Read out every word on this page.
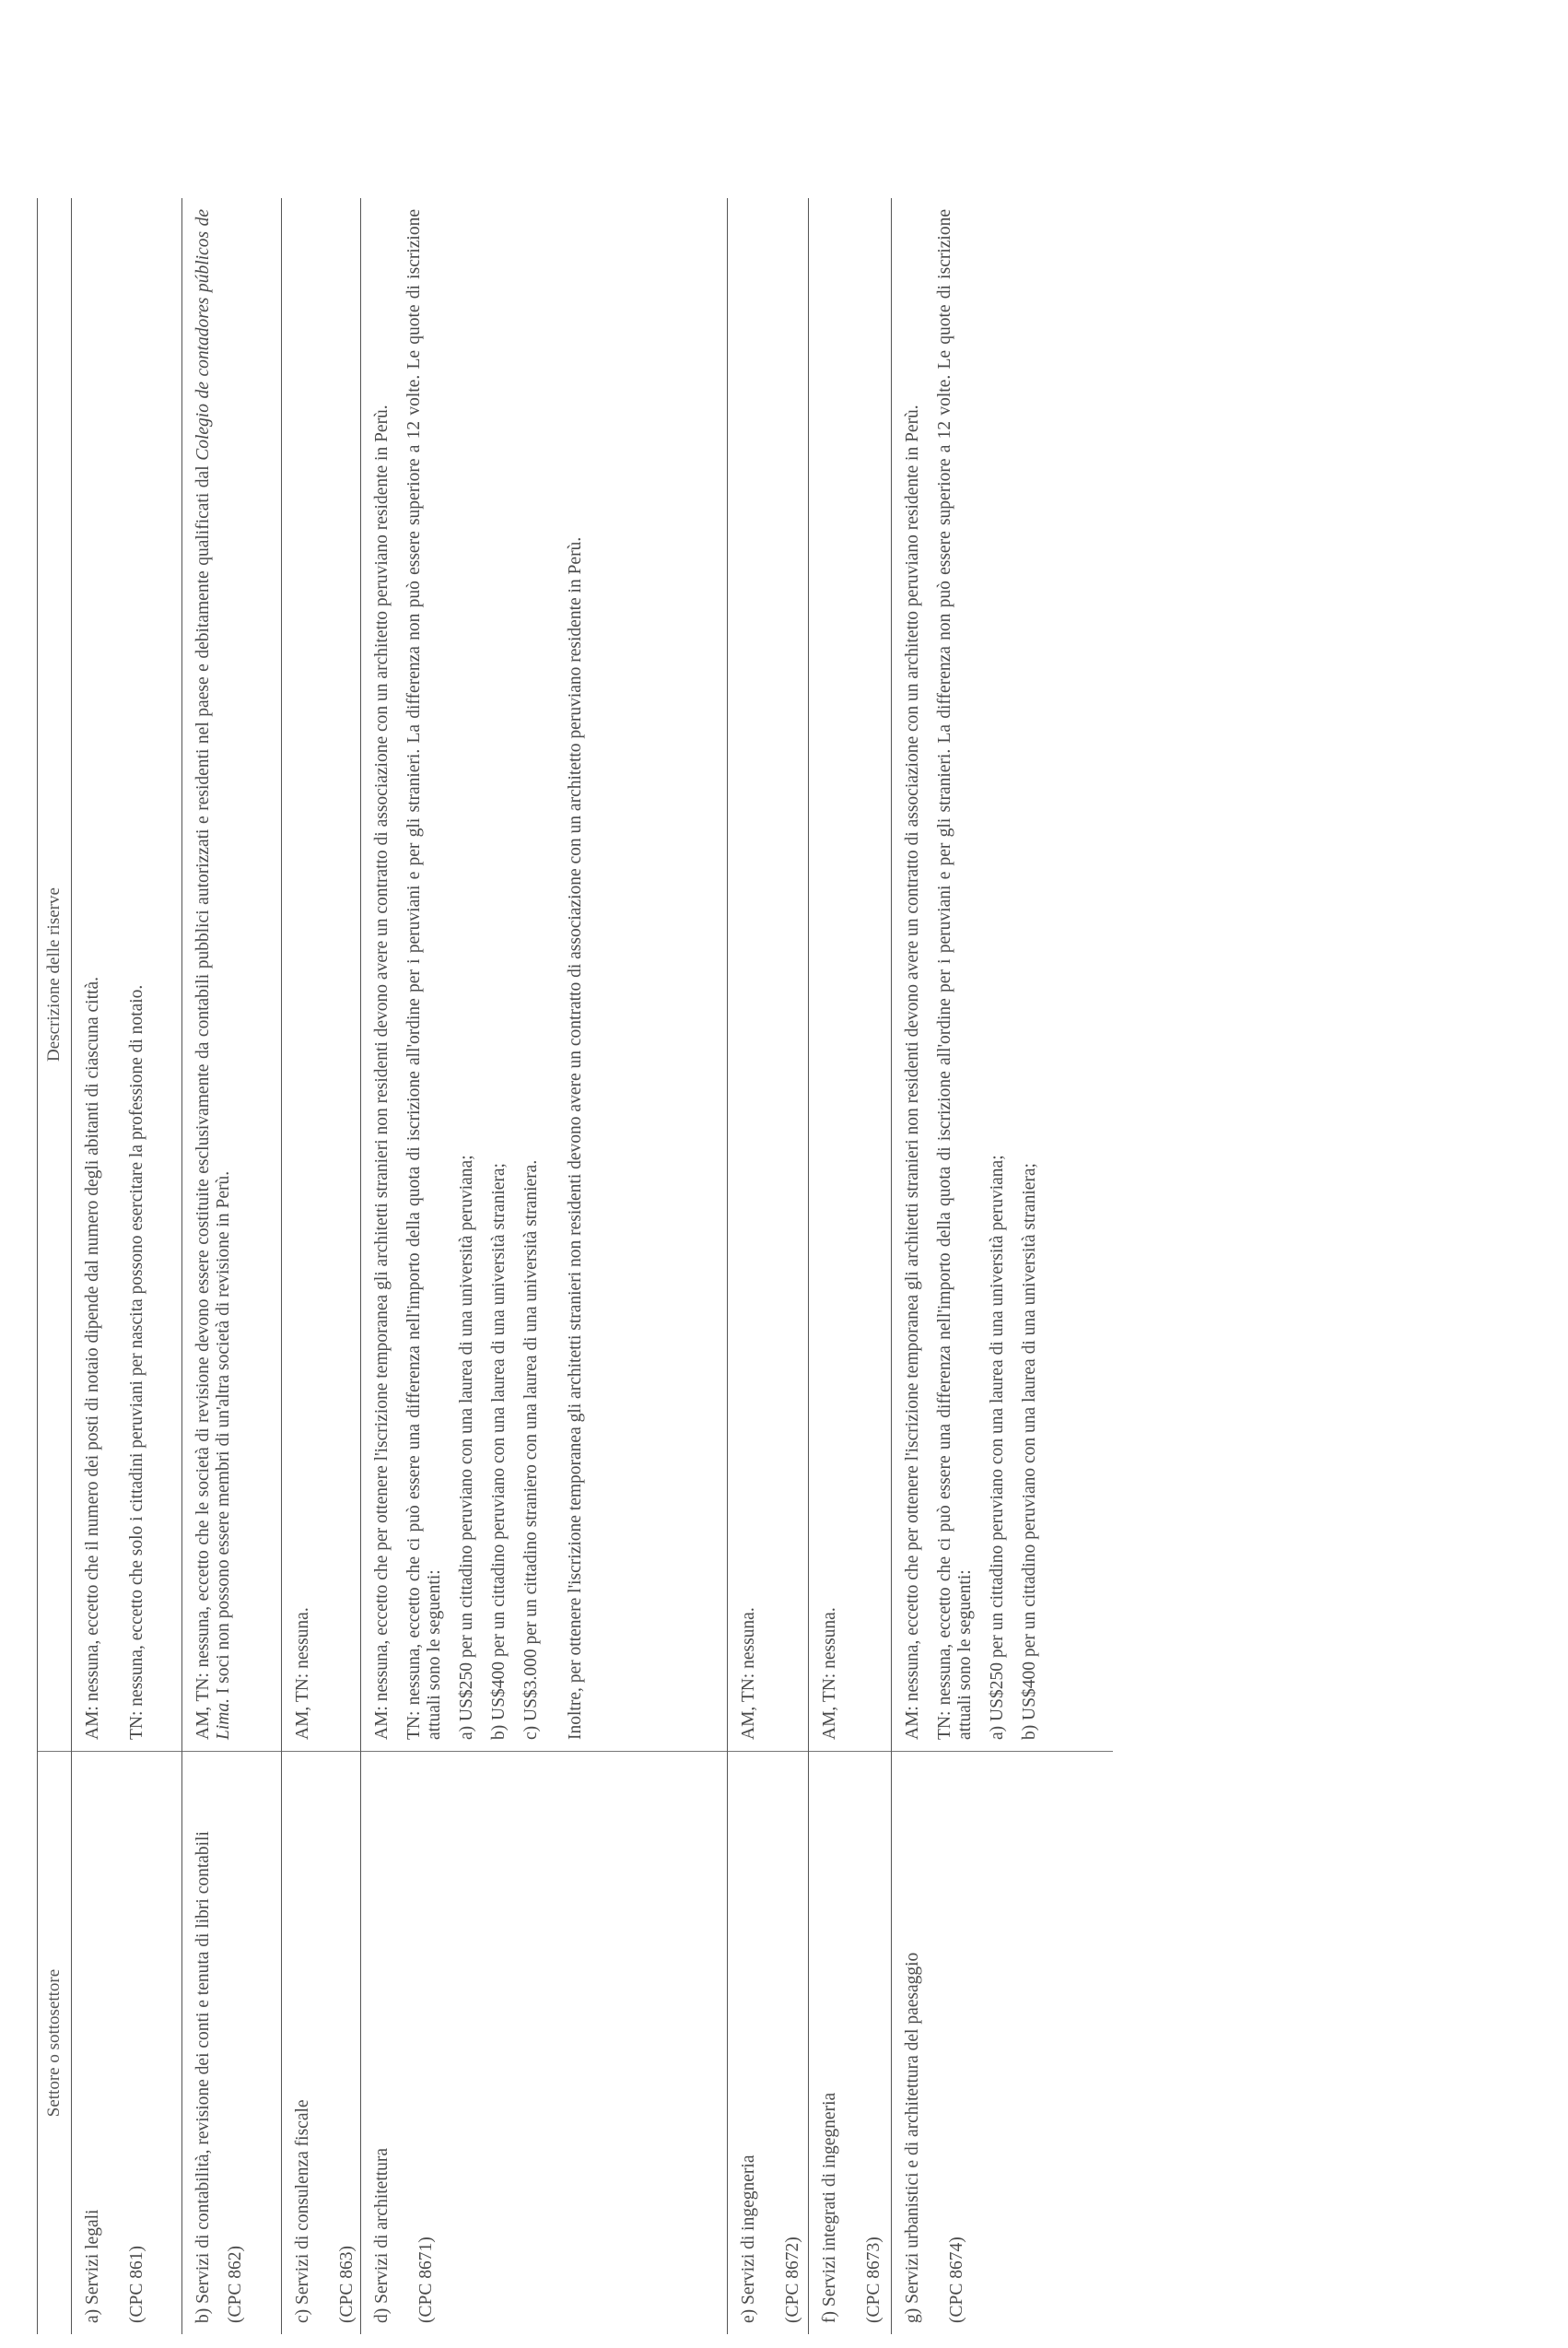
Settore o sottosettore
Descrizione delle riserve

a) Servizi legali (CPC 861)

AM: nessuna, eccetto che il numero dei posti di notaio dipende dal numero degli abitanti di ciascuna città. TN: nessuna, eccetto che solo i cittadini peruviani per nascita possono esercitare la professione di notaio.

b) Servizi di contabilità, revisione dei conti e tenuta di libri contabili (CPC 862)

AM, TN: nessuna, eccetto che le società di revisione devono essere costituite esclusivamente da contabili pubblici autorizzati e residenti nel paese e debitamente qualificati dal Colegio de contadores públicos de Lima. I soci non possono essere membri di un'altra società di revisione in Perù.

c) Servizi di consulenza fiscale (CPC 863)

AM, TN: nessuna.

d) Servizi di architettura (CPC 8671)

AM: nessuna, eccetto che per ottenere l'iscrizione temporanea gli architetti stranieri non residenti devono avere un contratto di associazione con un architetto peruviano residente in Perù. TN: nessuna, eccetto che ci può essere una differenza nell'importo della quota di iscrizione all'ordine per i peruviani e per gli stranieri. La differenza non può essere superiore a 12 volte. Le quote di iscrizione attuali sono le seguenti: a) US$250 per un cittadino peruviano con una laurea di una università peruviana; b) US$400 per un cittadino peruviano con una laurea di una università straniera; c) US$3.000 per un cittadino straniero con una laurea di una università straniera. Inoltre, per ottenere l'iscrizione temporanea gli architetti stranieri non residenti devono avere un contratto di associazione con un architetto peruviano residente in Perù.

e) Servizi di ingegneria (CPC 8672)

AM, TN: nessuna.

f) Servizi integrati di ingegneria (CPC 8673)

AM, TN: nessuna.

g) Servizi urbanistici e di architettura del paesaggio (CPC 8674)

AM: nessuna, eccetto che per ottenere l'iscrizione temporanea gli architetti stranieri non residenti devono avere un contratto di associazione con un architetto peruviano residente in Perù. TN: nessuna, eccetto che ci può essere una differenza nell'importo della quota di iscrizione all'ordine per i peruviani e per gli stranieri. La differenza non può essere superiore a 12 volte. Le quote di iscrizione attuali sono le seguenti: a) US$250 per un cittadino peruviano con una laurea di una università peruviana; b) US$400 per un cittadino peruviano con una laurea di una università straniera;
